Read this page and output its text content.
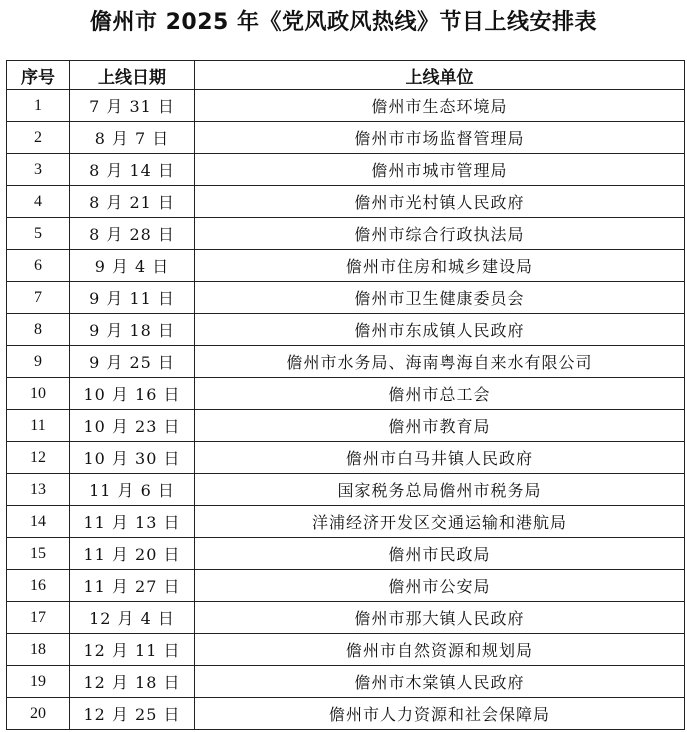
儋州市 2025 年《党风政风热线》节目上线安排表
序号	上线日期	上线单位
1	7 月 31 日	儋州市生态环境局
2	8 月 7 日	儋州市市场监督管理局
3	8 月 14 日	儋州市城市管理局
4	8 月 21 日	儋州市光村镇人民政府
5	8 月 28 日	儋州市综合行政执法局
6	9 月 4 日	儋州市住房和城乡建设局
7	9 月 11 日	儋州市卫生健康委员会
8	9 月 18 日	儋州市东成镇人民政府
9	9 月 25 日	儋州市水务局、海南粤海自来水有限公司
10	10 月 16 日	儋州市总工会
11	10 月 23 日	儋州市教育局
12	10 月 30 日	儋州市白马井镇人民政府
13	11 月 6 日	国家税务总局儋州市税务局
14	11 月 13 日	洋浦经济开发区交通运输和港航局
15	11 月 20 日	儋州市民政局
16	11 月 27 日	儋州市公安局
17	12 月 4 日	儋州市那大镇人民政府
18	12 月 11 日	儋州市自然资源和规划局
19	12 月 18 日	儋州市木棠镇人民政府
20	12 月 25 日	儋州市人力资源和社会保障局
